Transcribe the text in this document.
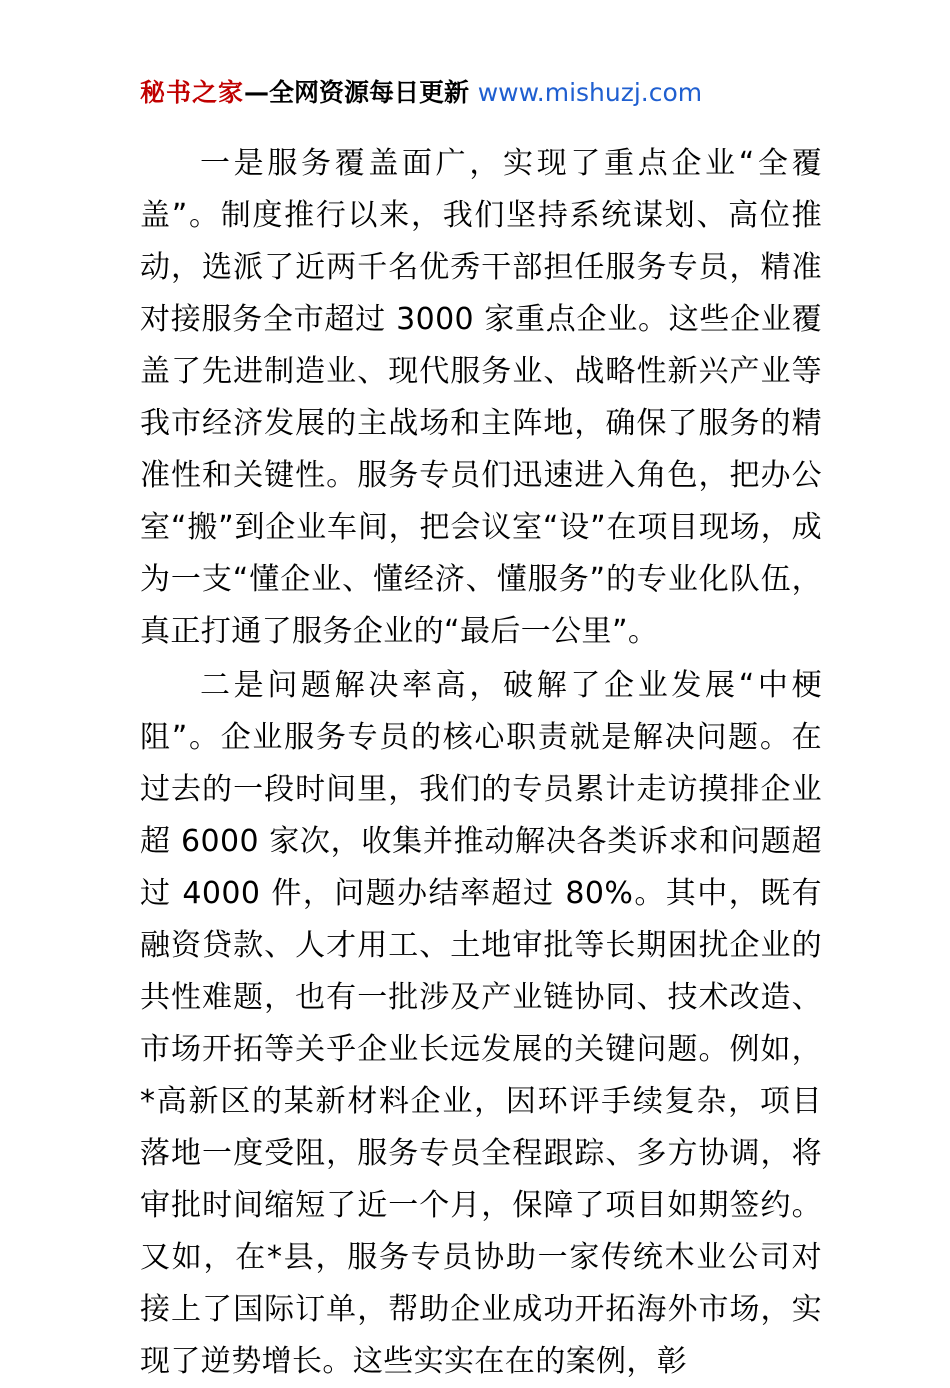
秘书之家—全网资源每日更新 www.mishuzj.com

一是服务覆盖面广，实现了重点企业“全覆盖”。制度推行以来，我们坚持系统谋划、高位推动，选派了近两千名优秀干部担任服务专员，精准对接服务全市超过 3000 家重点企业。这些企业覆盖了先进制造业、现代服务业、战略性新兴产业等我市经济发展的主战场和主阵地，确保了服务的精准性和关键性。服务专员们迅速进入角色，把办公室“搬”到企业车间，把会议室“设”在项目现场，成为一支“懂企业、懂经济、懂服务”的专业化队伍，真正打通了服务企业的“最后一公里”。

二是问题解决率高，破解了企业发展“中梗阻”。企业服务专员的核心职责就是解决问题。在过去的一段时间里，我们的专员累计走访摸排企业超 6000 家次，收集并推动解决各类诉求和问题超过 4000 件，问题办结率超过 80%。其中，既有融资贷款、人才用工、土地审批等长期困扰企业的共性难题，也有一批涉及产业链协同、技术改造、市场开拓等关乎企业长远发展的关键问题。例如，*高新区的某新材料企业，因环评手续复杂，项目落地一度受阻，服务专员全程跟踪、多方协调，将审批时间缩短了近一个月，保障了项目如期签约。又如，在*县，服务专员协助一家传统木业公司对接上了国际订单，帮助企业成功开拓海外市场，实现了逆势增长。这些实实在在的案例，彰
